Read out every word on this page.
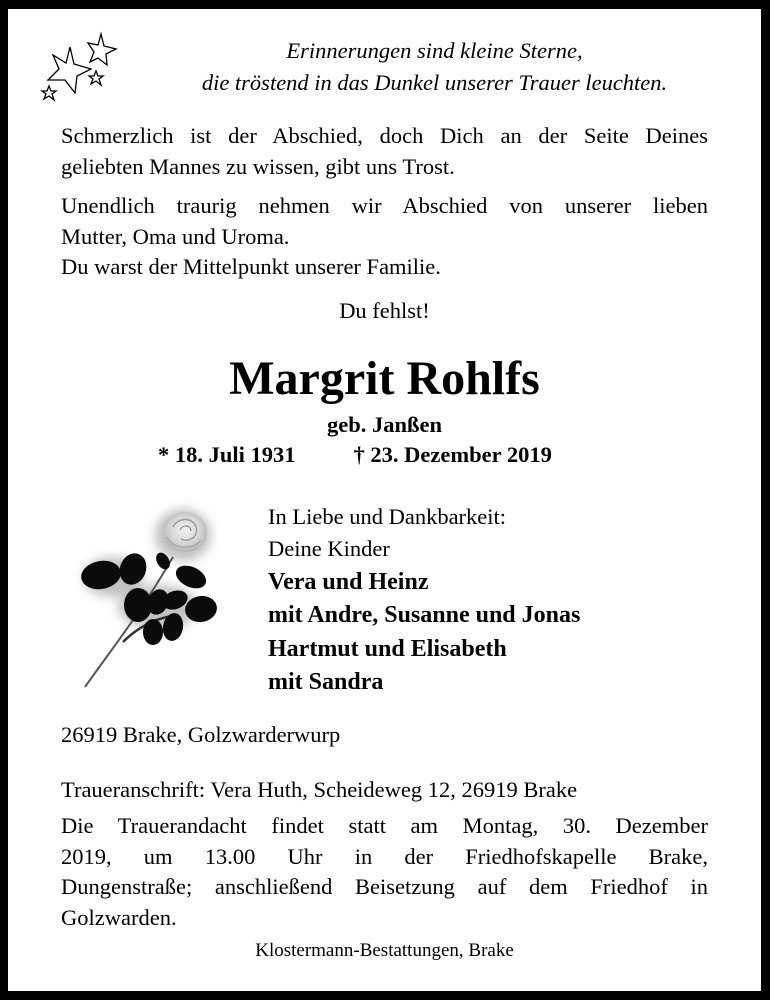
Erinnerungen sind kleine Sterne,
die tröstend in das Dunkel unserer Trauer leuchten.
Schmerzlich ist der Abschied, doch Dich an der Seite Deines
geliebten Mannes zu wissen, gibt uns Trost.
Unendlich traurig nehmen wir Abschied von unserer lieben
Mutter, Oma und Uroma.
Du warst der Mittelpunkt unserer Familie.
Du fehlst!
Margrit Rohlfs
geb. Janßen
* 18. Juli 1931	† 23. Dezember 2019
In Liebe und Dankbarkeit:
Deine Kinder
Vera und Heinz
mit Andre, Susanne und Jonas
Hartmut und Elisabeth
mit Sandra
26919 Brake, Golzwarderwurp
Traueranschrift: Vera Huth, Scheideweg 12, 26919 Brake
Die Trauerandacht findet statt am Montag, 30. Dezember
2019, um 13.00 Uhr in der Friedhofskapelle Brake,
Dungenstraße; anschließend Beisetzung auf dem Friedhof in
Golzwarden.
Klostermann-Bestattungen, Brake
